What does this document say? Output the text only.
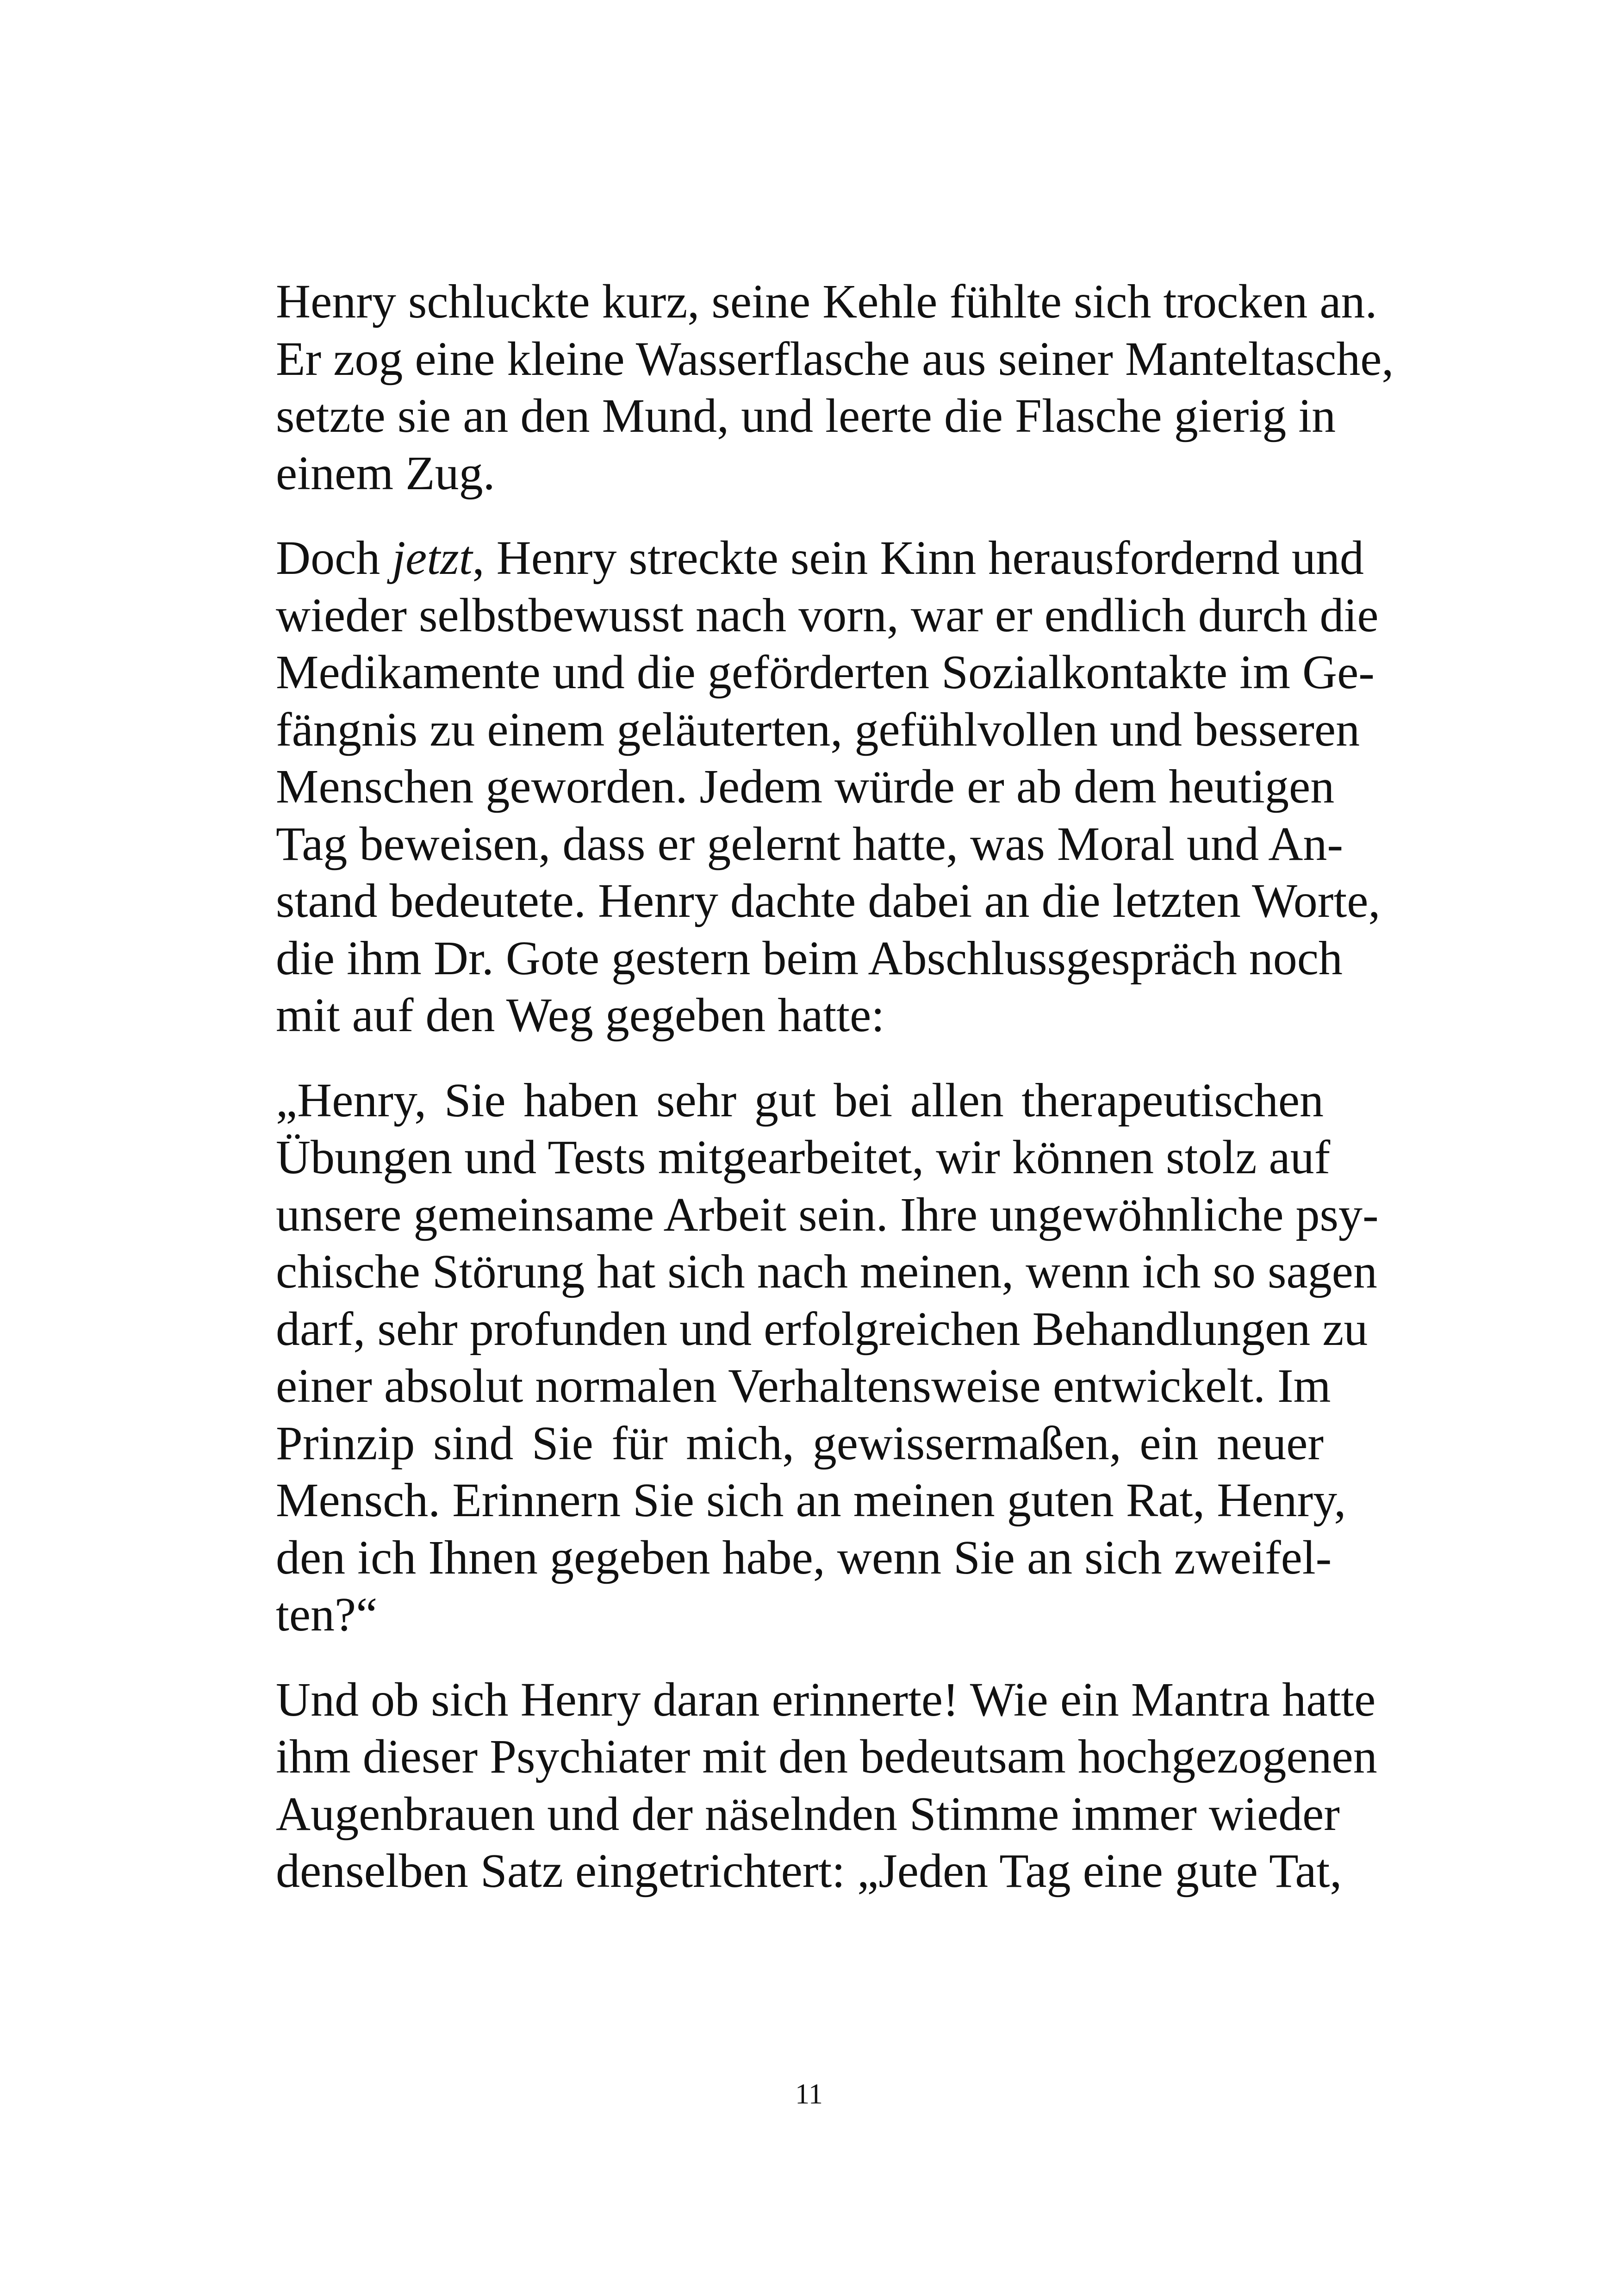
Henry schluckte kurz, seine Kehle fühlte sich trocken an.
Er zog eine kleine Wasserflasche aus seiner Manteltasche,
setzte sie an den Mund, und leerte die Flasche gierig in
einem Zug.

Doch jetzt, Henry streckte sein Kinn herausfordernd und
wieder selbstbewusst nach vorn, war er endlich durch die
Medikamente und die geförderten Sozialkontakte im Ge-
fängnis zu einem geläuterten, gefühlvollen und besseren
Menschen geworden. Jedem würde er ab dem heutigen
Tag beweisen, dass er gelernt hatte, was Moral und An-
stand bedeutete. Henry dachte dabei an die letzten Worte,
die ihm Dr. Gote gestern beim Abschlussgespräch noch
mit auf den Weg gegeben hatte:

„Henry, Sie haben sehr gut bei allen therapeutischen
Übungen und Tests mitgearbeitet, wir können stolz auf
unsere gemeinsame Arbeit sein. Ihre ungewöhnliche psy-
chische Störung hat sich nach meinen, wenn ich so sagen
darf, sehr profunden und erfolgreichen Behandlungen zu
einer absolut normalen Verhaltensweise entwickelt. Im
Prinzip sind Sie für mich, gewissermaßen, ein neuer
Mensch. Erinnern Sie sich an meinen guten Rat, Henry,
den ich Ihnen gegeben habe, wenn Sie an sich zweifel-
ten?“

Und ob sich Henry daran erinnerte! Wie ein Mantra hatte
ihm dieser Psychiater mit den bedeutsam hochgezogenen
Augenbrauen und der näselnden Stimme immer wieder
denselben Satz eingetrichtert: „Jeden Tag eine gute Tat,

11
